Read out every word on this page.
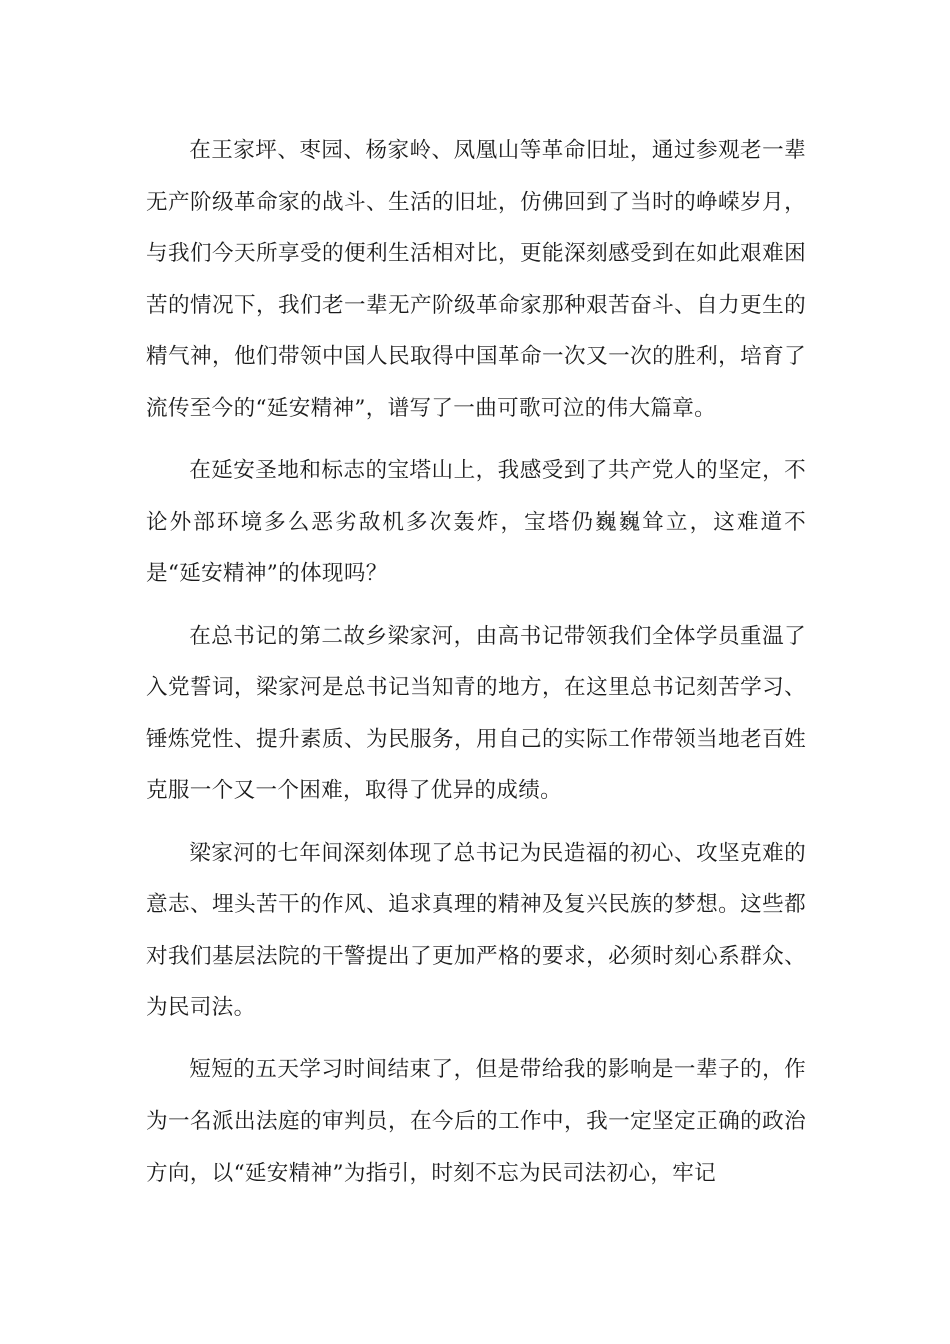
在王家坪、枣园、杨家岭、凤凰山等革命旧址，通过参观老一辈无产阶级革命家的战斗、生活的旧址，仿佛回到了当时的峥嵘岁月，与我们今天所享受的便利生活相对比，更能深刻感受到在如此艰难困苦的情况下，我们老一辈无产阶级革命家那种艰苦奋斗、自力更生的精气神，他们带领中国人民取得中国革命一次又一次的胜利，培育了流传至今的“延安精神”，谱写了一曲可歌可泣的伟大篇章。

在延安圣地和标志的宝塔山上，我感受到了共产党人的坚定，不论外部环境多么恶劣敌机多次轰炸，宝塔仍巍巍耸立，这难道不是“延安精神”的体现吗？

在总书记的第二故乡梁家河，由高书记带领我们全体学员重温了入党誓词，梁家河是总书记当知青的地方，在这里总书记刻苦学习、锤炼党性、提升素质、为民服务，用自己的实际工作带领当地老百姓克服一个又一个困难，取得了优异的成绩。

梁家河的七年间深刻体现了总书记为民造福的初心、攻坚克难的意志、埋头苦干的作风、追求真理的精神及复兴民族的梦想。这些都对我们基层法院的干警提出了更加严格的要求，必须时刻心系群众、为民司法。

短短的五天学习时间结束了，但是带给我的影响是一辈子的，作为一名派出法庭的审判员，在今后的工作中，我一定坚定正确的政治方向，以“延安精神”为指引，时刻不忘为民司法初心，牢记
